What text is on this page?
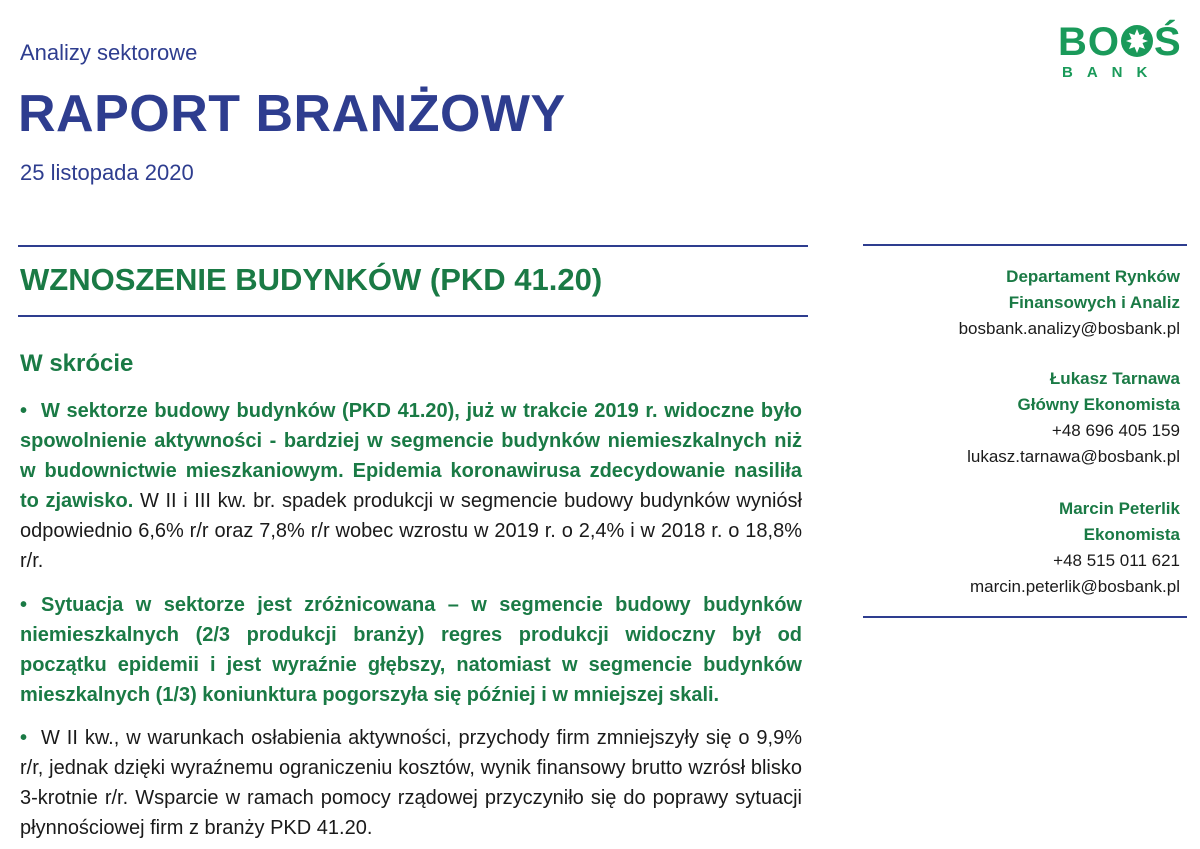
Analizy sektorowe
RAPORT BRANŻOWY
25 listopada 2020
BO Ś
BANK
WZNOSZENIE BUDYNKÓW (PKD 41.20)
W skrócie
• W sektorze budowy budynków (PKD 41.20), już w trakcie 2019 r. widoczne było spowolnienie aktywności - bardziej w segmencie budynków niemieszkalnych niż w budownictwie mieszkaniowym. Epidemia koronawirusa zdecydowanie nasiliła to zjawisko. W II i III kw. br. spadek produkcji w segmencie budowy budynków wyniósł odpowiednio 6,6% r/r oraz 7,8% r/r wobec wzrostu w 2019 r. o 2,4% i w 2018 r. o 18,8% r/r.
• Sytuacja w sektorze jest zróżnicowana – w segmencie budowy budynków niemieszkalnych (2/3 produkcji branży) regres produkcji widoczny był od początku epidemii i jest wyraźnie głębszy, natomiast w segmencie budynków mieszkalnych (1/3) koniunktura pogorszyła się później i w mniejszej skali.
• W II kw., w warunkach osłabienia aktywności, przychody firm zmniejszyły się o 9,9% r/r, jednak dzięki wyraźnemu ograniczeniu kosztów, wynik finansowy brutto wzrósł blisko 3-krotnie r/r. Wsparcie w ramach pomocy rządowej przyczyniło się do poprawy sytuacji płynnościowej firm z branży PKD 41.20.
Departament Rynków
Finansowych i Analiz
bosbank.analizy@bosbank.pl
Łukasz Tarnawa
Główny Ekonomista
+48 696 405 159
lukasz.tarnawa@bosbank.pl
Marcin Peterlik
Ekonomista
+48 515 011 621
marcin.peterlik@bosbank.pl
